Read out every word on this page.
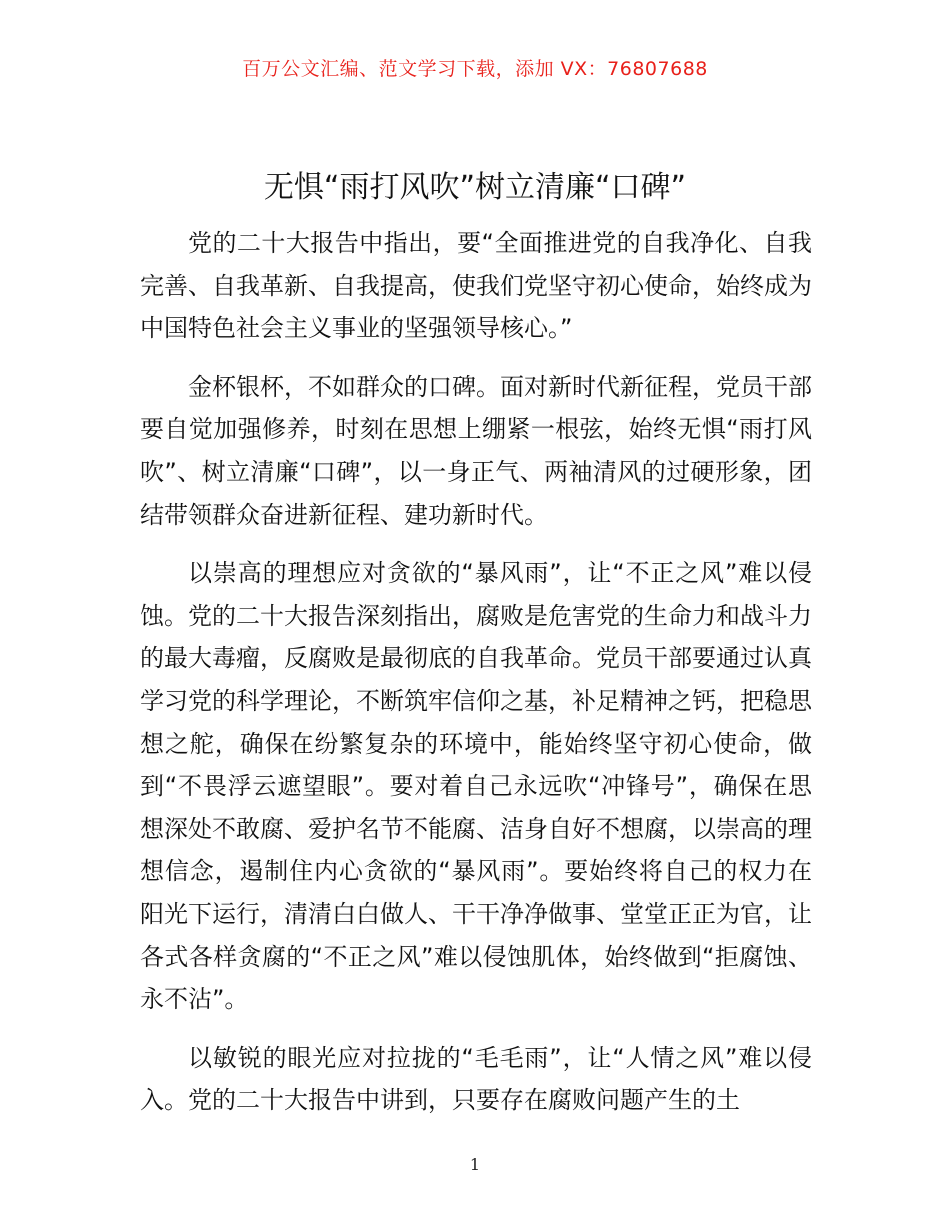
百万公文汇编、范文学习下载，添加 VX：76807688
无惧“雨打风吹”树立清廉“口碑”

党的二十大报告中指出，要“全面推进党的自我净化、自我完善、自我革新、自我提高，使我们党坚守初心使命，始终成为中国特色社会主义事业的坚强领导核心。”

金杯银杯，不如群众的口碑。面对新时代新征程，党员干部要自觉加强修养，时刻在思想上绷紧一根弦，始终无惧“雨打风吹”、树立清廉“口碑”，以一身正气、两袖清风的过硬形象，团结带领群众奋进新征程、建功新时代。

以崇高的理想应对贪欲的“暴风雨”，让“不正之风”难以侵蚀。党的二十大报告深刻指出，腐败是危害党的生命力和战斗力的最大毒瘤，反腐败是最彻底的自我革命。党员干部要通过认真学习党的科学理论，不断筑牢信仰之基，补足精神之钙，把稳思想之舵，确保在纷繁复杂的环境中，能始终坚守初心使命，做到“不畏浮云遮望眼”。要对着自己永远吹“冲锋号”，确保在思想深处不敢腐、爱护名节不能腐、洁身自好不想腐，以崇高的理想信念，遏制住内心贪欲的“暴风雨”。要始终将自己的权力在阳光下运行，清清白白做人、干干净净做事、堂堂正正为官，让各式各样贪腐的“不正之风”难以侵蚀肌体，始终做到“拒腐蚀、永不沾”。

以敏锐的眼光应对拉拢的“毛毛雨”，让“人情之风”难以侵入。党的二十大报告中讲到，只要存在腐败问题产生的土

1
